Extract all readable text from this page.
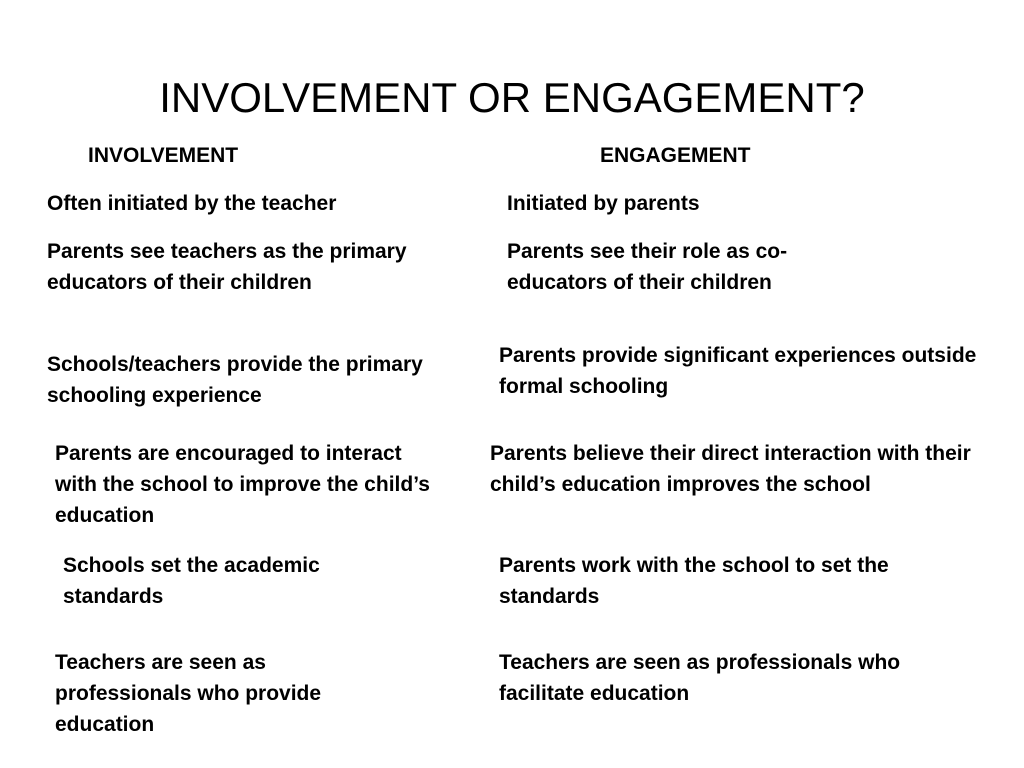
INVOLVEMENT OR ENGAGEMENT?
INVOLVEMENT	ENGAGEMENT
Often initiated by the teacher
Parents see teachers as the primary educators of their children
Schools/teachers provide the primary schooling experience
Parents are encouraged to interact with the school to improve the child’s education
Schools set the academic standards
Teachers are seen as professionals who provide education
Initiated by parents
Parents see their role as co-educators of their children
Parents provide significant experiences outside formal schooling
Parents believe their direct interaction with their child’s education improves the school
Parents work with the school to set the standards
Teachers are seen as professionals who facilitate education
